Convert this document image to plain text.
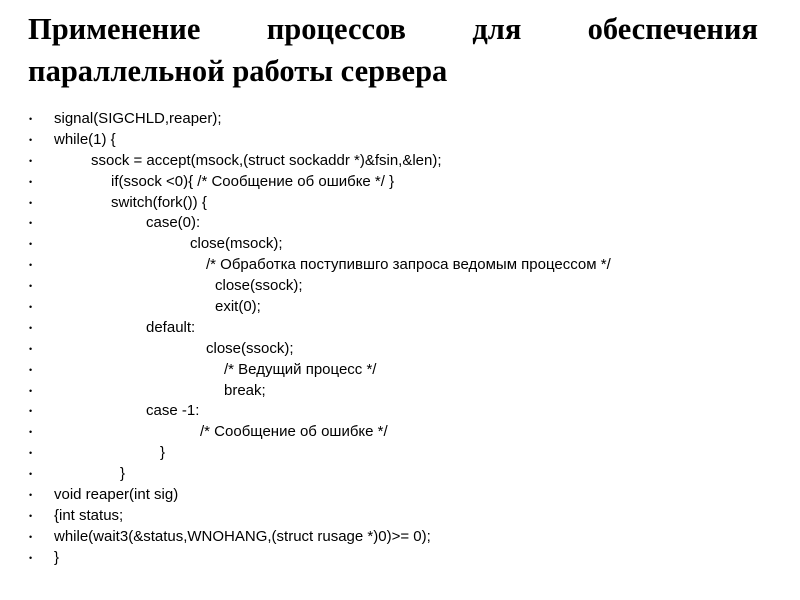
Применение процессов для обеспечения
параллельной работы сервера
• signal(SIGCHLD,reaper);
• while(1) {
•	ssock = accept(msock,(struct sockaddr *)&fsin,&len);
•	if(ssock <0){ /* Сообщение об ошибке */ }
•	switch(fork()) {
•	case(0):
•	close(msock);
•	/* Обработка поступившго запроса ведомым процессом */
•	close(ssock);
•	exit(0);
•	default:
•	close(ssock);
•	/* Ведущий процесс */
•	break;
•	case -1:
•	/* Сообщение об ошибке */
•	}
•	}
• void reaper(int sig)
• {int status;
• while(wait3(&status,WNOHANG,(struct rusage *)0)>= 0);
• }
